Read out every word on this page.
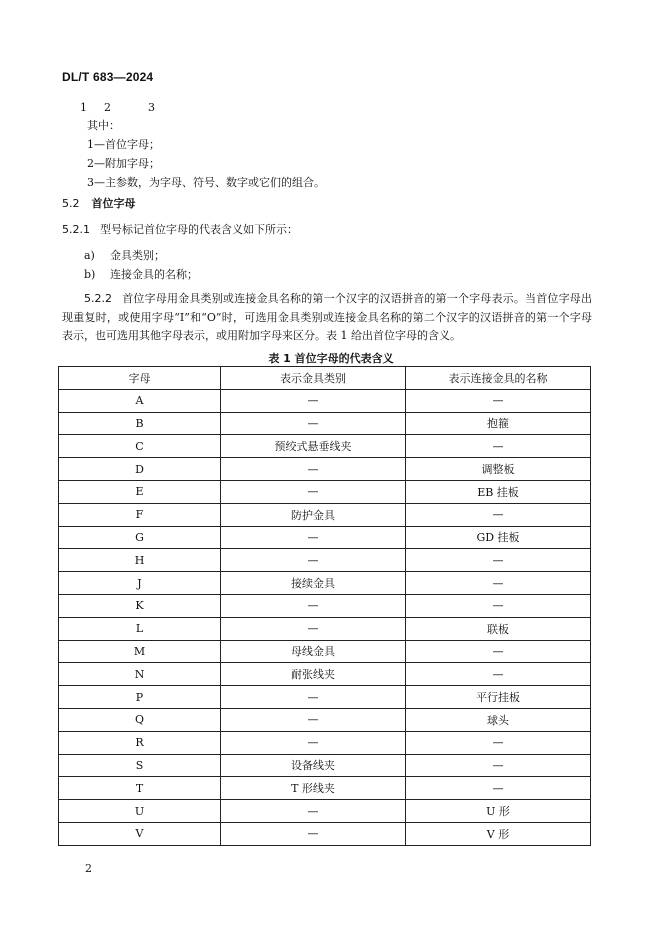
DL/T 683—2024
1 2	3
其中：
1—首位字母；
2—附加字母；
3—主参数，为字母、符号、数字或它们的组合。
5.2 首位字母
5.2.1 型号标记首位字母的代表含义如下所示：
a) 金具类别；
b) 连接金具的名称；
5.2.2 首位字母用金具类别或连接金具名称的第一个汉字的汉语拼音的第一个字母表示。当首位字母出现重复时，或使用字母“I”和“O”时，可选用金具类别或连接金具名称的第二个汉字的汉语拼音的第一个字母表示，也可选用其他字母表示，或用附加字母来区分。表 1 给出首位字母的含义。
表 1 首位字母的代表含义
字母	表示金具类别	表示连接金具的名称
A	—	—
B	—	抱箍
C	预绞式悬垂线夹	—
D	—	调整板
E	—	EB 挂板
F	防护金具	—
G	—	GD 挂板
H	—	—
J	接续金具	—
K	—	—
L	—	联板
M	母线金具	—
N	耐张线夹	—
P	—	平行挂板
Q	—	球头
R	—	—
S	设备线夹	—
T	T 形线夹	—
U	—	U 形
V	—	V 形
2
